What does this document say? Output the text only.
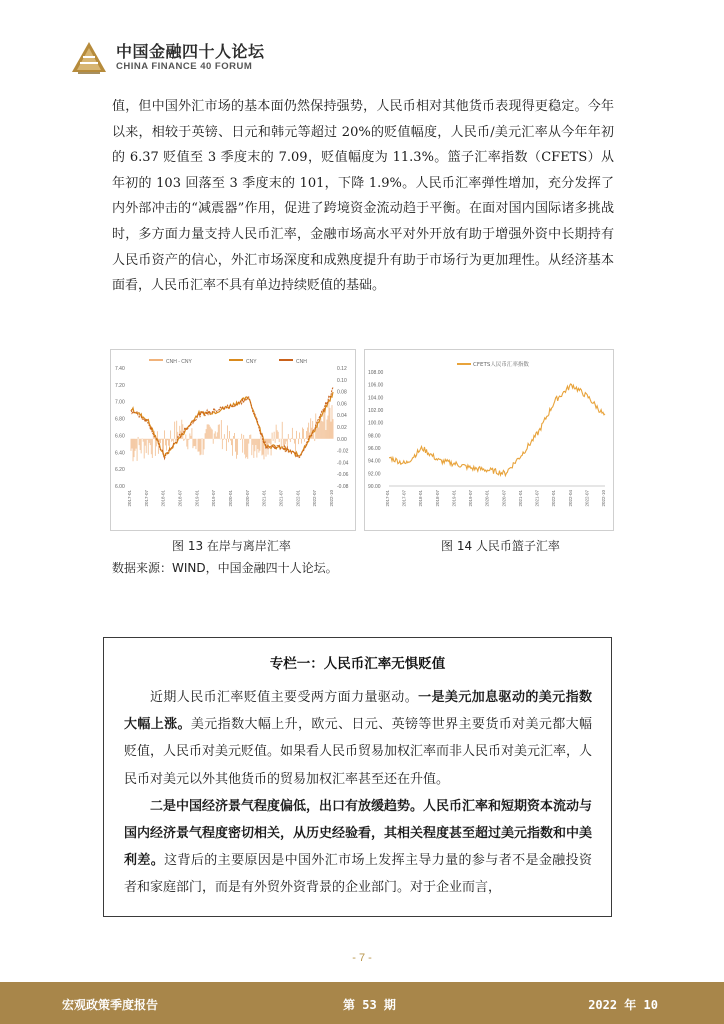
中国金融四十人论坛
CHINA FINANCE 40 FORUM

值，但中国外汇市场的基本面仍然保持强势，人民币相对其他货币表现得更稳定。今年以来，相较于英镑、日元和韩元等超过 20%的贬值幅度，人民币/美元汇率从今年年初的 6.37 贬值至 3 季度末的 7.09，贬值幅度为 11.3%。篮子汇率指数（CFETS）从年初的 103 回落至 3 季度末的 101，下降 1.9%。人民币汇率弹性增加，充分发挥了内外部冲击的“减震器”作用，促进了跨境资金流动趋于平衡。在面对国内国际诸多挑战时，多方面力量支持人民币汇率，金融市场高水平对外开放有助于增强外资中长期持有人民币资产的信心，外汇市场深度和成熟度提升有助于市场行为更加理性。从经济基本面看，人民币汇率不具有单边持续贬值的基础。

CNH - CNY	CNY	CNH
7.40
7.20
7.00
6.80
6.60
6.40
6.20
6.00
0.12
0.10
0.08
0.06
0.04
0.02
0.00
-0.02
-0.04
-0.06
-0.08
2017-01	2017-07	2018-01	2018-07	2019-01	2019-07	2020-01	2020-07	2021-01	2021-07	2022-01	2022-07	2022-10
CFETS人民币汇率指数
108.00
106.00
104.00
102.00
100.00
98.00
96.00
94.00
92.00
90.00
2017-01	2017-07	2018-01	2018-07	2019-01	2019-07	2020-01	2020-07	2021-01	2021-07	2022-01	2022-04	2022-07	2022-10
图 13 在岸与离岸汇率	图 14 人民币篮子汇率
数据来源：WIND，中国金融四十人论坛。
专栏一：人民币汇率无惧贬值

近期人民币汇率贬值主要受两方面力量驱动。一是美元加息驱动的美元指数大幅上涨。美元指数大幅上升，欧元、日元、英镑等世界主要货币对美元都大幅贬值，人民币对美元贬值。如果看人民币贸易加权汇率而非人民币对美元汇率，人民币对美元以外其他货币的贸易加权汇率甚至还在升值。

二是中国经济景气程度偏低，出口有放缓趋势。人民币汇率和短期资本流动与国内经济景气程度密切相关，从历史经验看，其相关程度甚至超过美元指数和中美利差。这背后的主要原因是中国外汇市场上发挥主导力量的参与者不是金融投资者和家庭部门，而是有外贸外资背景的企业部门。对于企业而言，

- 7 -
宏观政策季度报告	第 53 期	2022 年 10
